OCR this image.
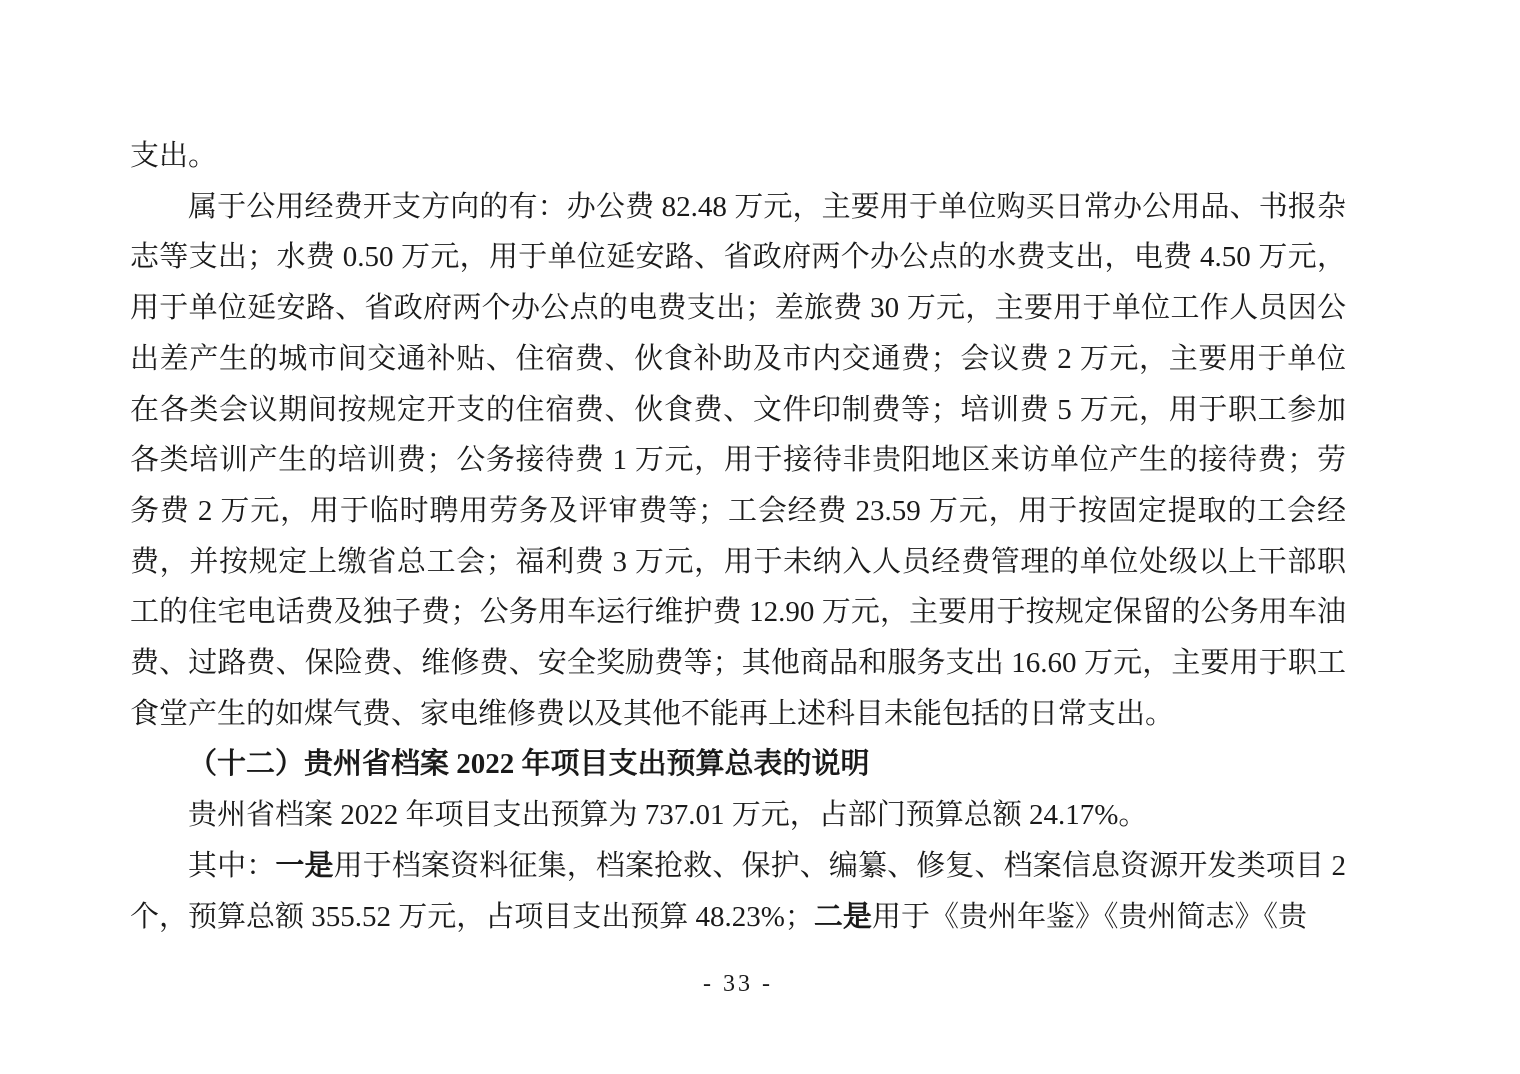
支出。

属于公用经费开支方向的有：办公费 82.48 万元，主要用于单位购买日常办公用品、书报杂志等支出；水费 0.50 万元，用于单位延安路、省政府两个办公点的水费支出，电费 4.50 万元，用于单位延安路、省政府两个办公点的电费支出；差旅费 30 万元，主要用于单位工作人员因公出差产生的城市间交通补贴、住宿费、伙食补助及市内交通费；会议费 2 万元，主要用于单位在各类会议期间按规定开支的住宿费、伙食费、文件印制费等；培训费 5 万元，用于职工参加各类培训产生的培训费；公务接待费 1 万元，用于接待非贵阳地区来访单位产生的接待费；劳务费 2 万元，用于临时聘用劳务及评审费等；工会经费 23.59 万元，用于按固定提取的工会经费，并按规定上缴省总工会；福利费 3 万元，用于未纳入人员经费管理的单位处级以上干部职工的住宅电话费及独子费；公务用车运行维护费 12.90 万元，主要用于按规定保留的公务用车油费、过路费、保险费、维修费、安全奖励费等；其他商品和服务支出 16.60 万元，主要用于职工食堂产生的如煤气费、家电维修费以及其他不能再上述科目未能包括的日常支出。

（十二）贵州省档案 2022 年项目支出预算总表的说明

贵州省档案 2022 年项目支出预算为 737.01 万元，占部门预算总额 24.17%。

其中：一是用于档案资料征集，档案抢救、保护、编纂、修复、档案信息资源开发类项目 2 个，预算总额 355.52 万元，占项目支出预算 48.23%；二是用于《贵州年鉴》《贵州简志》《贵

- 33 -
